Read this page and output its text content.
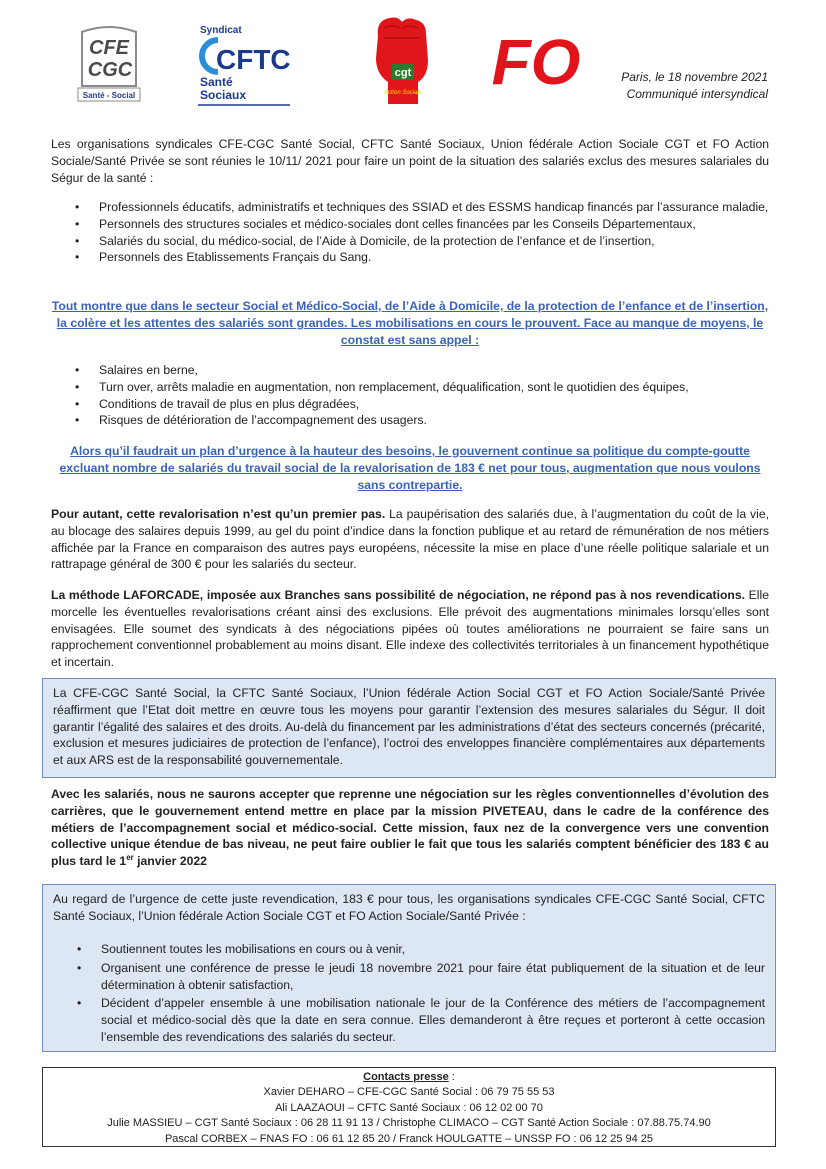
CFE
CGC
Santé - Social
Syndicat
CFTC
Santé
Sociaux
cgt
Action Sociale FO	Paris, le 18 novembre 2021
Communiqué intersyndical
Les organisations syndicales CFE-CGC Santé Social, CFTC Santé Sociaux, Union fédérale Action Sociale CGT et FO Action Sociale/Santé Privée se sont réunies le 10/11/ 2021 pour faire un point de la situation des salariés exclus des mesures salariales du Ségur de la santé :
• Professionnels éducatifs, administratifs et techniques des SSIAD et des ESSMS handicap financés par l’assurance maladie,
• Personnels des structures sociales et médico-sociales dont celles financées par les Conseils Départementaux,
• Salariés du social, du médico-social, de l’Aide à Domicile, de la protection de l’enfance et de l’insertion,
• Personnels des Etablissements Français du Sang.
Tout montre que dans le secteur Social et Médico-Social, de l’Aide à Domicile, de la protection de l’enfance et de l’insertion, la colère et les attentes des salariés sont grandes. Les mobilisations en cours le prouvent. Face au manque de moyens, le constat est sans appel :
• Salaires en berne,
• Turn over, arrêts maladie en augmentation, non remplacement, déqualification, sont le quotidien des équipes,
• Conditions de travail de plus en plus dégradées,
• Risques de détérioration de l’accompagnement des usagers.
Alors qu’il faudrait un plan d’urgence à la hauteur des besoins, le gouvernent continue sa politique du compte-goutte excluant nombre de salariés du travail social de la revalorisation de 183 € net pour tous, augmentation que nous voulons sans contrepartie.
Pour autant, cette revalorisation n’est qu’un premier pas. La paupérisation des salariés due, à l’augmentation du coût de la vie, au blocage des salaires depuis 1999, au gel du point d’indice dans la fonction publique et au retard de rémunération de nos métiers affichée par la France en comparaison des autres pays européens, nécessite la mise en place d’une réelle politique salariale et un rattrapage général de 300 € pour les salariés du secteur.
La méthode LAFORCADE, imposée aux Branches sans possibilité de négociation, ne répond pas à nos revendications. Elle morcelle les éventuelles revalorisations créant ainsi des exclusions. Elle prévoit des augmentations minimales lorsqu’elles sont envisagées. Elle soumet des syndicats à des négociations pipées où toutes améliorations ne pourraient se faire sans un rapprochement conventionnel probablement au moins disant. Elle indexe des collectivités territoriales à un financement hypothétique et incertain.
La CFE-CGC Santé Social, la CFTC Santé Sociaux, l’Union fédérale Action Social CGT et FO Action Sociale/Santé Privée réaffirment que l’Etat doit mettre en œuvre tous les moyens pour garantir l’extension des mesures salariales du Ségur. Il doit garantir l’égalité des salaires et des droits. Au-delà du financement par les administrations d’état des secteurs concernés (précarité, exclusion et mesures judiciaires de protection de l’enfance), l’octroi des enveloppes financière complémentaires aux départements et aux ARS est de la responsabilité gouvernementale.
Avec les salariés, nous ne saurons accepter que reprenne une négociation sur les règles conventionnelles d’évolution des carrières, que le gouvernement entend mettre en place par la mission PIVETEAU, dans le cadre de la conférence des métiers de l’accompagnement social et médico-social. Cette mission, faux nez de la convergence vers une convention collective unique étendue de bas niveau, ne peut faire oublier le fait que tous les salariés comptent bénéficier des 183 € au plus tard le 1er janvier 2022
Au regard de l’urgence de cette juste revendication, 183 € pour tous, les organisations syndicales CFE-CGC Santé Social, CFTC Santé Sociaux, l’Union fédérale Action Sociale CGT et FO Action Sociale/Santé Privée :
• Soutiennent toutes les mobilisations en cours ou à venir,
• Organisent une conférence de presse le jeudi 18 novembre 2021 pour faire état publiquement de la situation et de leur détermination à obtenir satisfaction,
• Décident d’appeler ensemble à une mobilisation nationale le jour de la Conférence des métiers de l’accompagnement social et médico-social dès que la date en sera connue. Elles demanderont à être reçues et porteront à cette occasion l’ensemble des revendications des salariés du secteur.
Contacts presse :
Xavier DEHARO – CFE-CGC Santé Social : 06 79 75 55 53
Ali LAAZAOUI – CFTC Santé Sociaux : 06 12 02 00 70
Julie MASSIEU – CGT Santé Sociaux : 06 28 11 91 13 / Christophe CLIMACO – CGT Santé Action Sociale : 07.88.75.74.90
Pascal CORBEX – FNAS FO : 06 61 12 85 20 / Franck HOULGATTE – UNSSP FO : 06 12 25 94 25
